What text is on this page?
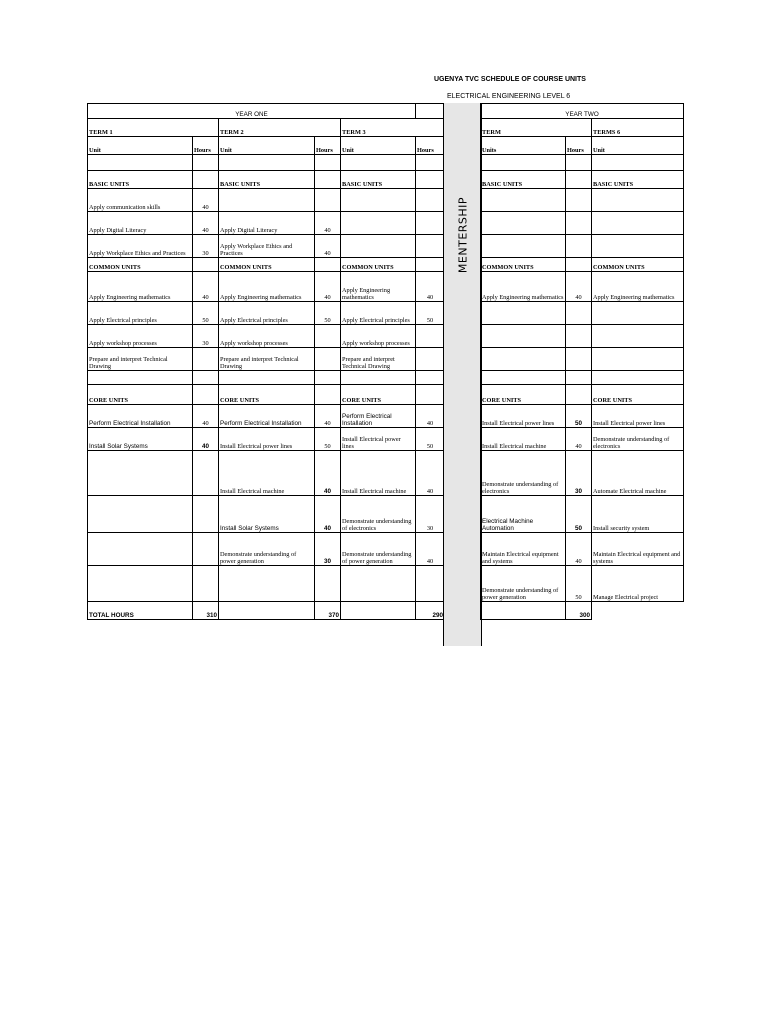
UGENYA TVC SCHEDULE OF COURSE UNITS
ELECTRICAL ENGINEERING LEVEL 6
YEAR ONE					
TERM 1		TERM 2		TERM 3	
Unit	Hours	Unit	Hours	Unit	Hours

BASIC UNITS		BASIC UNITS		BASIC UNITS	
Apply communication skills	40				
Apply Digital Literacy	40	Apply Digital Literacy	40		
Apply Workplace Ethics and Practices	30	Apply Workplace Ethics and Practices	40		
COMMON UNITS		COMMON UNITS		COMMON UNITS	
Apply Engineering mathematics	40	Apply Engineering mathematics	40	Apply Engineering mathematics	40
Apply Electrical principles	50	Apply Electrical principles	50	Apply Electrical principles	50
Apply workshop processes	30	Apply workshop processes		Apply workshop processes	
Prepare and interpret Technical Drawing		Prepare and interpret Technical Drawing		Prepare and interpret Technical Drawing	

CORE UNITS		CORE UNITS		CORE UNITS	
Perform Electrical Installation	40	Perform Electrical Installation	40	Perform Electrical Installation	40
Install Solar Systems	40	Install Electrical power lines	50	Install Electrical power lines	50
		Install Electrical machine	40	Install Electrical machine	40
		Install Solar Systems	40	Demonstrate understanding of electronics	30
		Demonstrate understanding of power generation	30	Demonstrate understanding of power generation	40

TOTAL HOURS	310		370		290
MENTERSHIP
YEAR TWO		
TERM		TERMS 6
Units	Hours	Unit

BASIC UNITS		BASIC UNITS

COMMON UNITS		COMMON UNITS
Apply Engineering mathematics	40	Apply Engineering mathematics

CORE UNITS		CORE UNITS
Install Electrical power lines	50	Install Electrical power lines
Install Electrical machine	40	Demonstrate understanding of electronics
Demonstrate understanding of electronics	30	Automate Electrical machine
Electrical Machine Automation	50	Install security system
Maintain Electrical equipment and systems	40	Maintain Electrical equipment and systems
Demonstrate understanding of power generation	50	Manage Electrical project
	300	
